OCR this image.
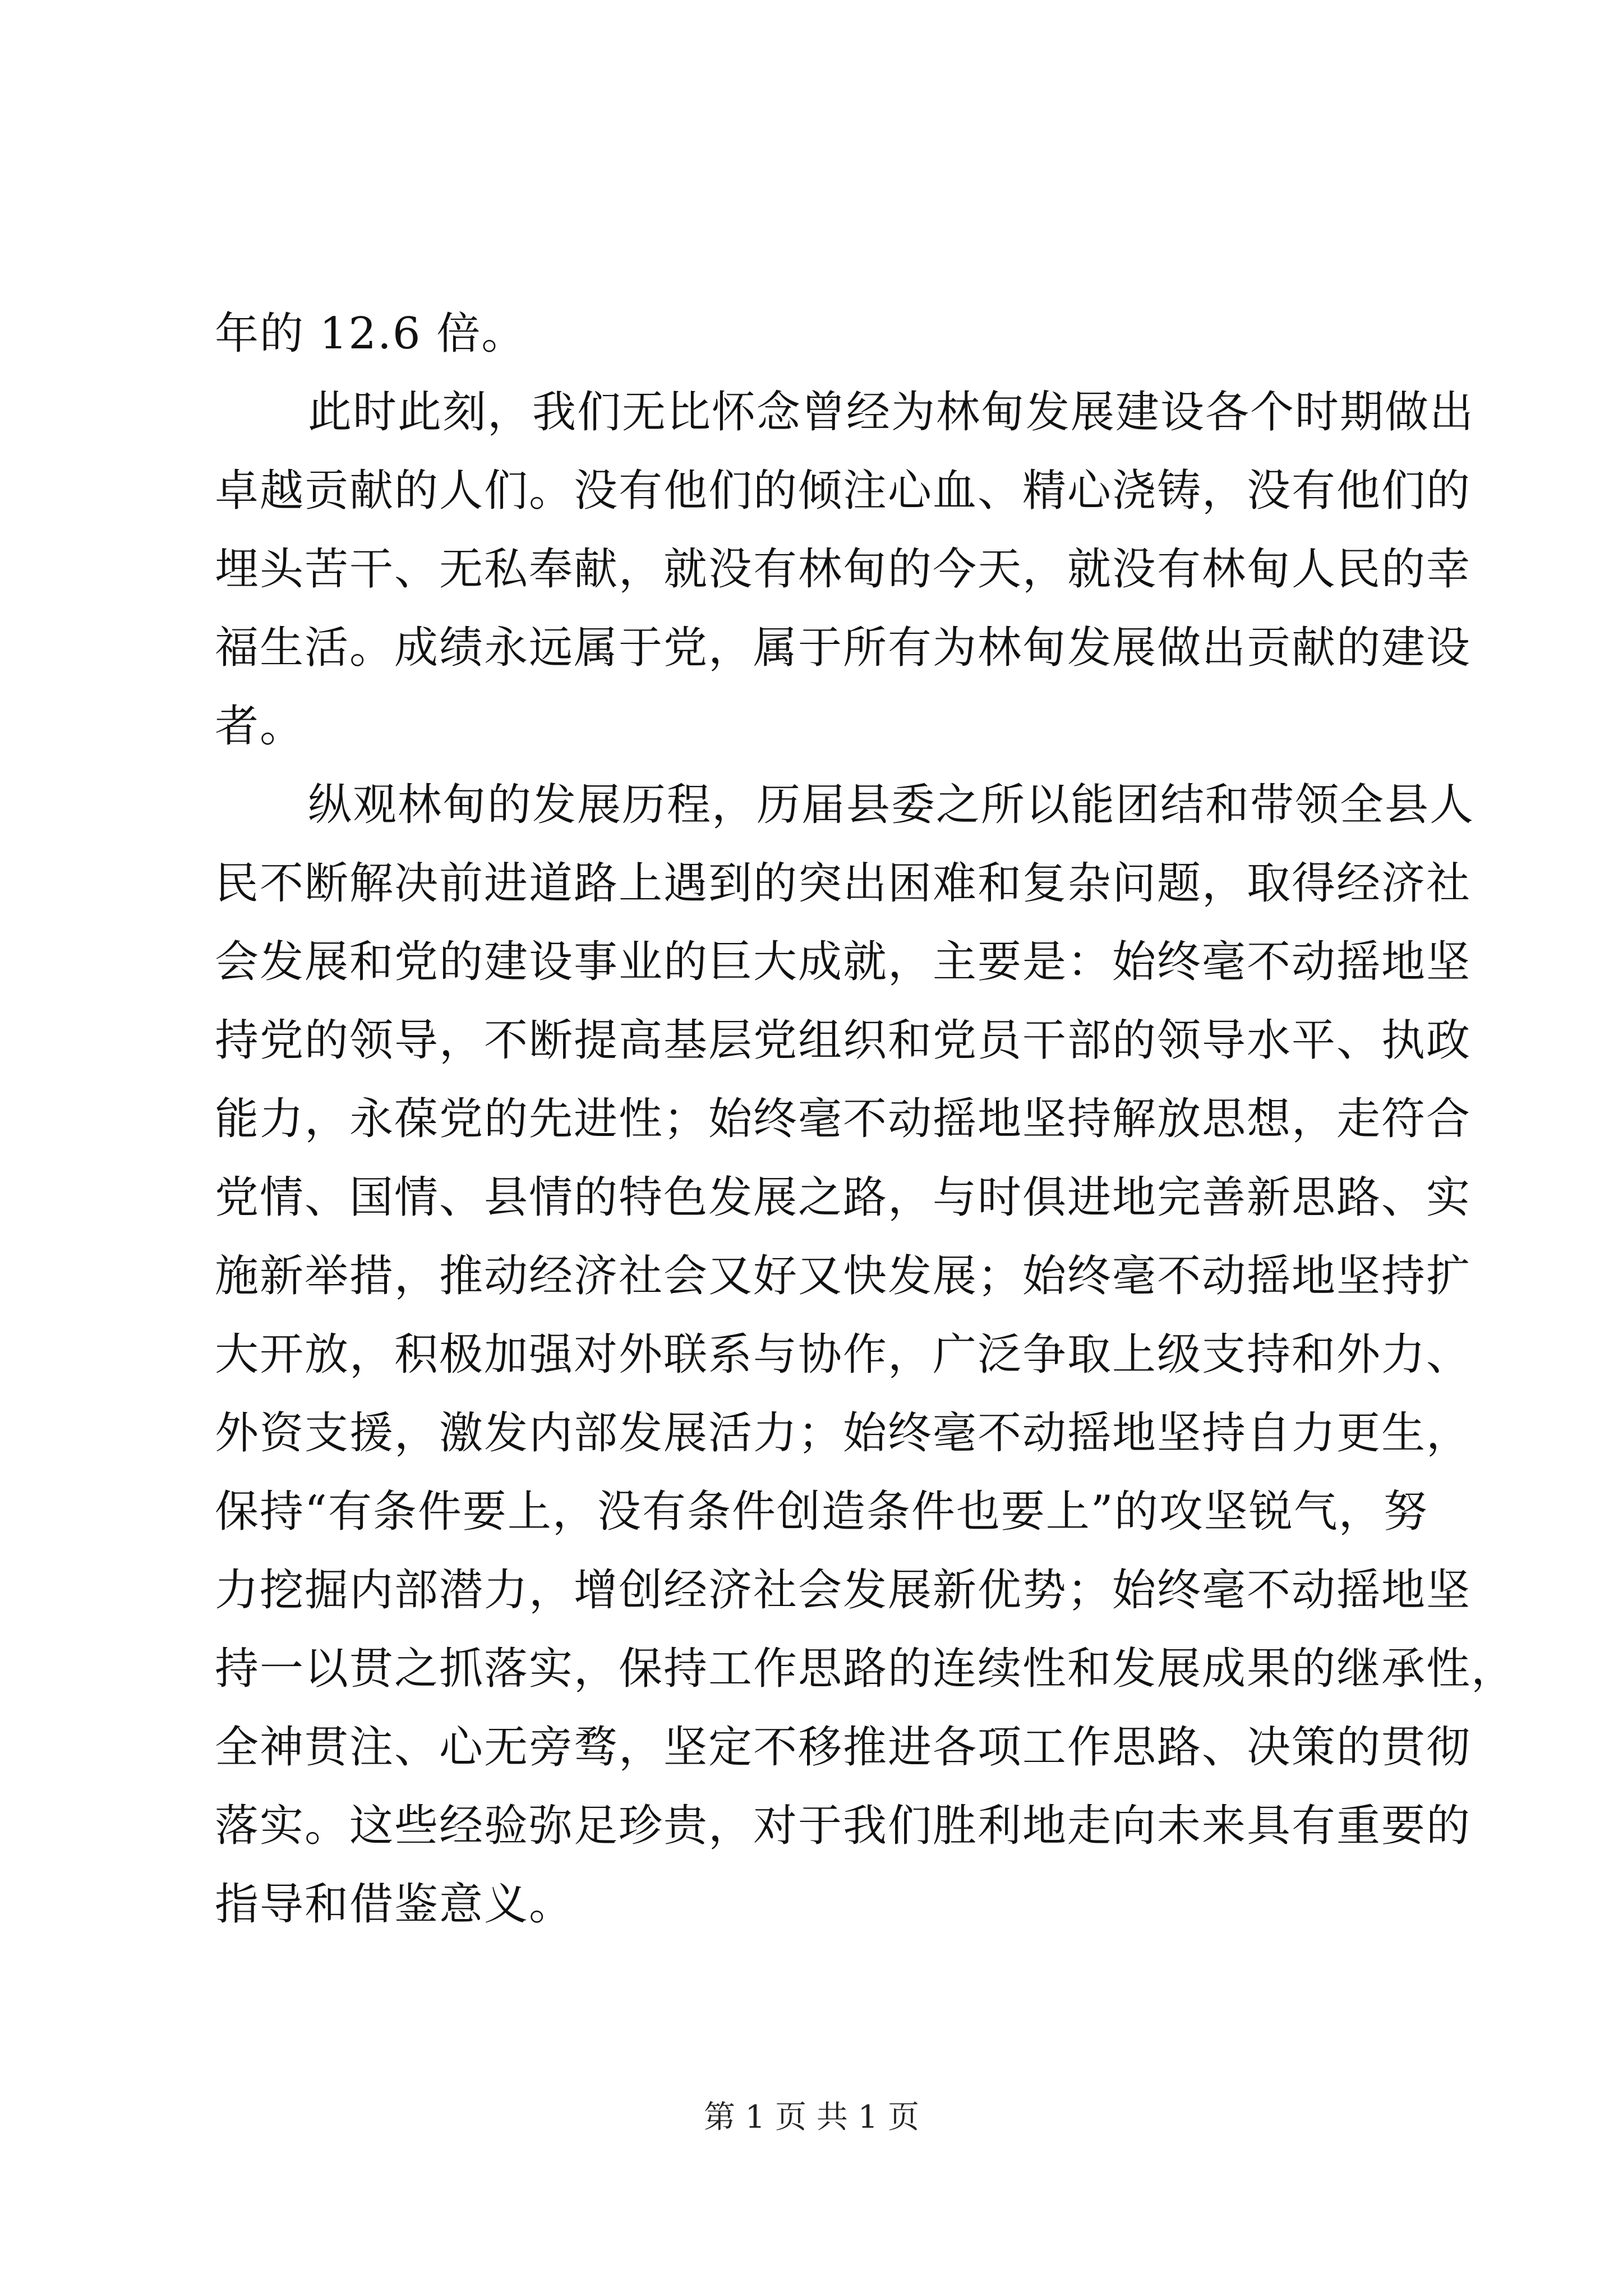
年的 12.6 倍。
此时此刻，我们无比怀念曾经为林甸发展建设各个时期做出
卓越贡献的人们。没有他们的倾注心血、精心浇铸，没有他们的
埋头苦干、无私奉献，就没有林甸的今天，就没有林甸人民的幸
福生活。成绩永远属于党，属于所有为林甸发展做出贡献的建设
者。
纵观林甸的发展历程，历届县委之所以能团结和带领全县人
民不断解决前进道路上遇到的突出困难和复杂问题，取得经济社
会发展和党的建设事业的巨大成就，主要是：始终毫不动摇地坚
持党的领导，不断提高基层党组织和党员干部的领导水平、执政
能力，永葆党的先进性；始终毫不动摇地坚持解放思想，走符合
党情、国情、县情的特色发展之路，与时俱进地完善新思路、实
施新举措，推动经济社会又好又快发展；始终毫不动摇地坚持扩
大开放，积极加强对外联系与协作，广泛争取上级支持和外力、
外资支援，激发内部发展活力；始终毫不动摇地坚持自力更生，
保持“有条件要上，没有条件创造条件也要上”的攻坚锐气，努
力挖掘内部潜力，增创经济社会发展新优势；始终毫不动摇地坚
持一以贯之抓落实，保持工作思路的连续性和发展成果的继承性，
全神贯注、心无旁骛，坚定不移推进各项工作思路、决策的贯彻
落实。这些经验弥足珍贵，对于我们胜利地走向未来具有重要的
指导和借鉴意义。
第 1 页 共 1 页
